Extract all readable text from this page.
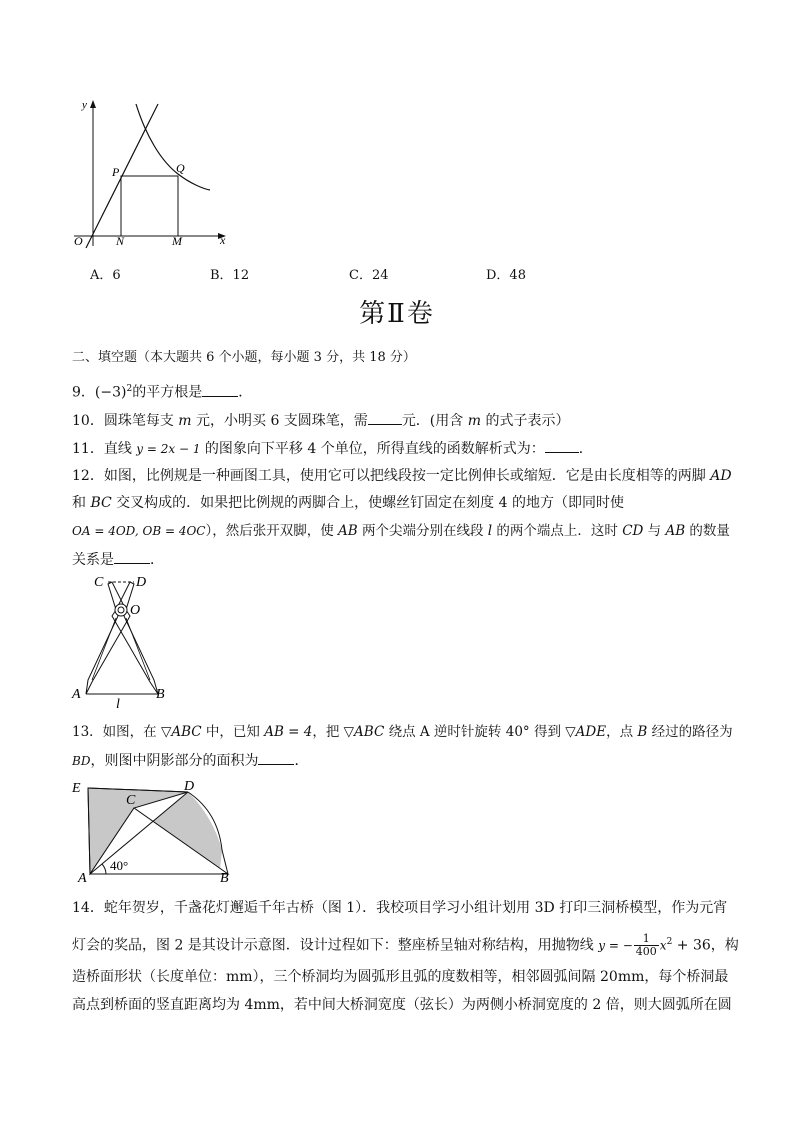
y
x
O
P	Q
N	M
A．6	B．12	C．24	D．48
第Ⅱ卷
二、填空题（本大题共 6 个小题，每小题 3 分，共 18 分）
9．$(-3)^2$的平方根是	．
10．圆珠笔每支 m 元，小明买 6 支圆珠笔，需 元．(用含 m 的式子表示）
11．直线 y = 2x − 1 的图象向下平移 4 个单位，所得直线的函数解析式为： ．
12．如图，比例规是一种画图工具，使用它可以把线段按一定比例伸长或缩短．它是由长度相等的两脚 AD
和 BC 交叉构成的．如果把比例规的两脚合上，使螺丝钉固定在刻度 4 的地方（即同时使
OA = 4OD, OB = 4OC），然后张开双脚，使 AB 两个尖端分别在线段 l 的两个端点上．这时 CD 与 AB 的数量
关系是	．
C D
O
A	B
l
13．如图，在 ▽ABC 中，已知 AB = 4，把 ▽ABC 绕点 A 逆时针旋转 40° 得到 ▽ADE，点 B 经过的路径为
BD，则图中阴影部分的面积为	．
E
C
D
A	B
40°
14．蛇年贺岁，千盏花灯邂逅千年古桥（图 1）．我校项目学习小组计划用 3D 打印三洞桥模型，作为元宵
灯会的奖品，图 2 是其设计示意图．设计过程如下：整座桥呈轴对称结构，用抛物线 y = − $\frac{1}{400} x^2 + 36$，构
造桥面形状（长度单位：mm），三个桥洞均为圆弧形且弧的度数相等，相邻圆弧间隔 20mm，每个桥洞最
高点到桥面的竖直距离均为 4mm，若中间大桥洞宽度（弦长）为两侧小桥洞宽度的 2 倍，则大圆弧所在圆
